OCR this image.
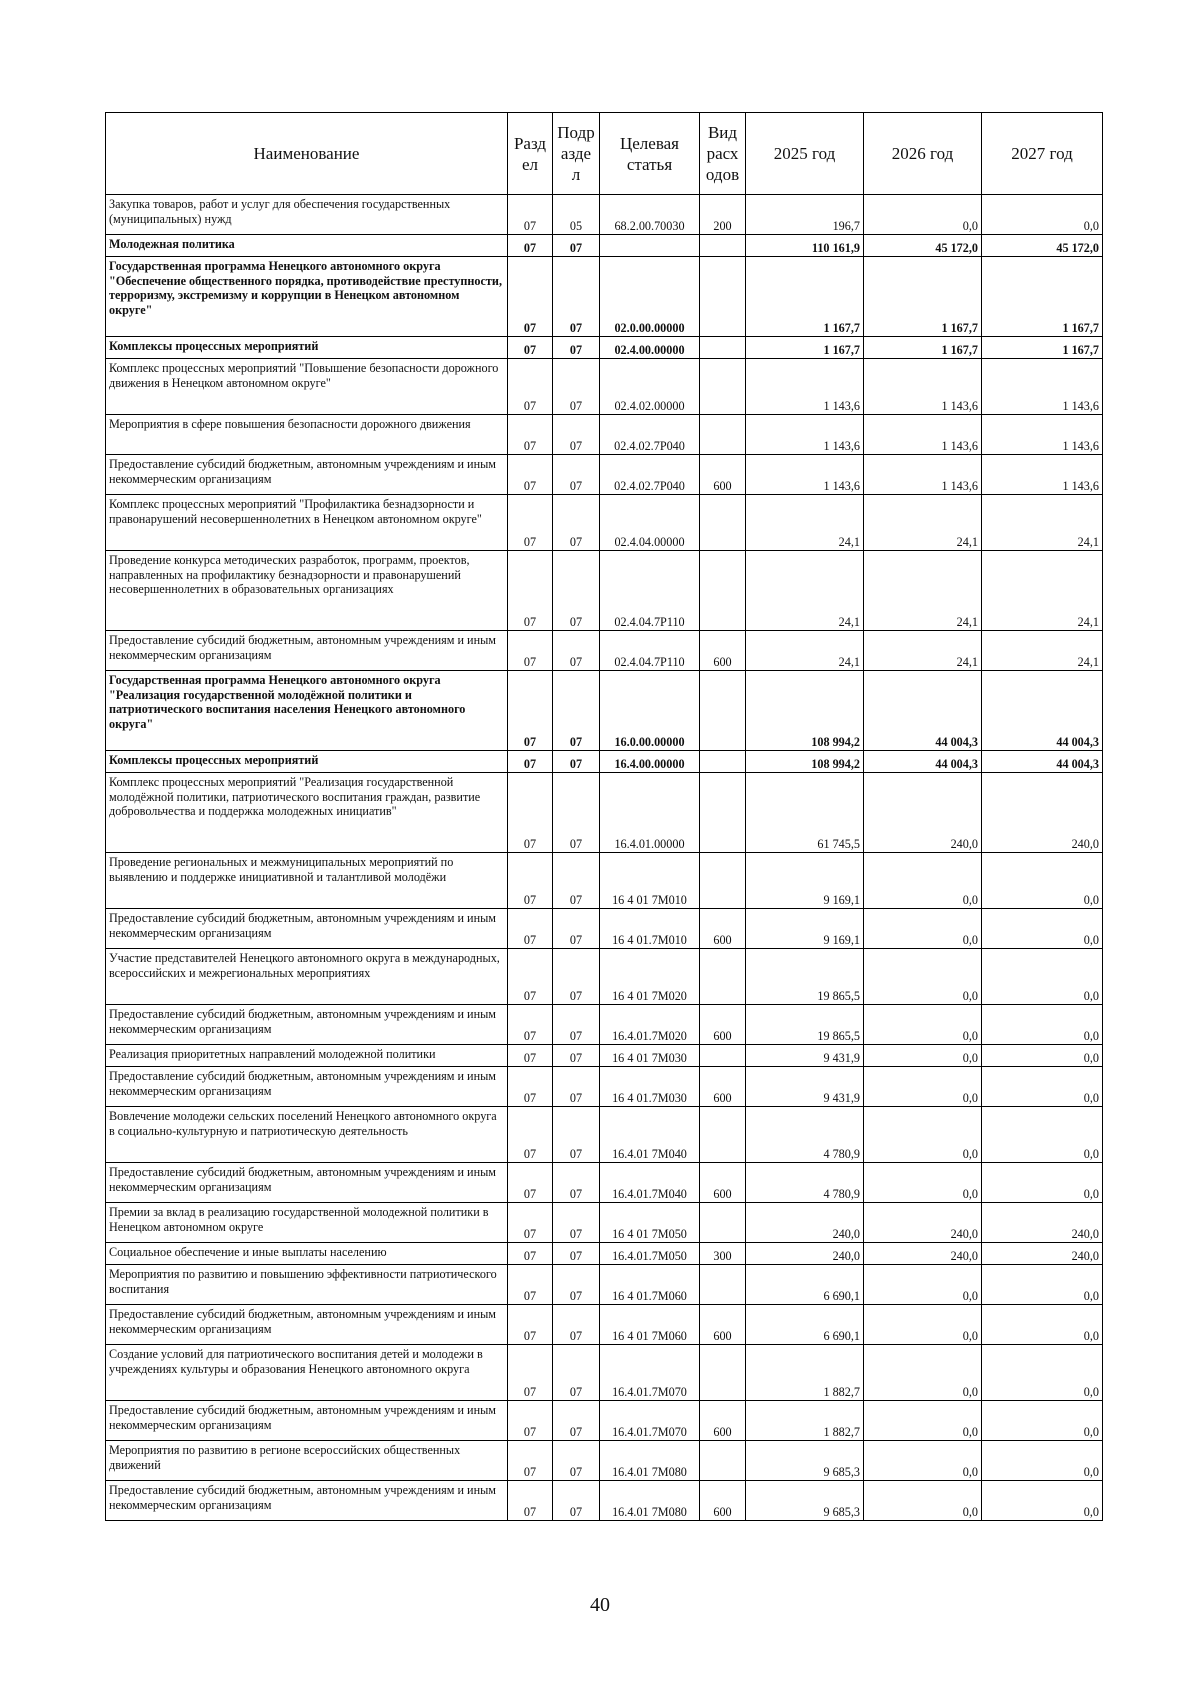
Наименование	Разд ел	Подр азде л	Целевая статья	Вид расх одов	2025 год	2026 год	2027 год
Закупка товаров, работ и услуг для обеспечения государственных (муниципальных) нужд	07	05	68.2.00.70030	200	196,7	0,0	0,0
Молодежная политика	07	07			110 161,9	45 172,0	45 172,0
Государственная программа Ненецкого автономного округа "Обеспечение общественного порядка, противодействие преступности, терроризму, экстремизму и коррупции в Ненецком автономном округе"	07	07	02.0.00.00000		1 167,7	1 167,7	1 167,7
Комплексы процессных мероприятий	07	07	02.4.00.00000		1 167,7	1 167,7	1 167,7
Комплекс процессных мероприятий "Повышение безопасности дорожного движения в Ненецком автономном округе"	07	07	02.4.02.00000		1 143,6	1 143,6	1 143,6
Мероприятия в сфере повышения безопасности дорожного движения	07	07	02.4.02.7Р040		1 143,6	1 143,6	1 143,6
Предоставление субсидий бюджетным, автономным учреждениям и иным некоммерческим организациям	07	07	02.4.02.7Р040	600	1 143,6	1 143,6	1 143,6
Комплекс процессных мероприятий "Профилактика безнадзорности и правонарушений несовершеннолетних в Ненецком автономном округе"	07	07	02.4.04.00000		24,1	24,1	24,1
Проведение конкурса методических разработок, программ, проектов, направленных на профилактику безнадзорности и правонарушений несовершеннолетних в образовательных организациях	07	07	02.4.04.7Р110		24,1	24,1	24,1
Предоставление субсидий бюджетным, автономным учреждениям и иным некоммерческим организациям	07	07	02.4.04.7Р110	600	24,1	24,1	24,1
Государственная программа Ненецкого автономного округа "Реализация государственной молодёжной политики и патриотического воспитания населения Ненецкого автономного округа"	07	07	16.0.00.00000		108 994,2	44 004,3	44 004,3
Комплексы процессных мероприятий	07	07	16.4.00.00000		108 994,2	44 004,3	44 004,3
Комплекс процессных мероприятий "Реализация государственной молодёжной политики, патриотического воспитания граждан, развитие добровольчества и поддержка молодежных инициатив"	07	07	16.4.01.00000		61 745,5	240,0	240,0
Проведение региональных и межмуниципальных мероприятий по выявлению и поддержке инициативной и талантливой молодёжи	07	07	16 4 01 7М010		9 169,1	0,0	0,0
Предоставление субсидий бюджетным, автономным учреждениям и иным некоммерческим организациям	07	07	16 4 01.7М010	600	9 169,1	0,0	0,0
Участие представителей Ненецкого автономного округа в международных, всероссийских и межрегиональных мероприятиях	07	07	16 4 01 7М020		19 865,5	0,0	0,0
Предоставление субсидий бюджетным, автономным учреждениям и иным некоммерческим организациям	07	07	16.4.01.7М020	600	19 865,5	0,0	0,0
Реализация приоритетных направлений молодежной политики	07	07	16 4 01 7М030		9 431,9	0,0	0,0
Предоставление субсидий бюджетным, автономным учреждениям и иным некоммерческим организациям	07	07	16 4 01.7М030	600	9 431,9	0,0	0,0
Вовлечение молодежи сельских поселений Ненецкого автономного округа в социально-культурную и патриотическую деятельность	07	07	16.4.01 7М040		4 780,9	0,0	0,0
Предоставление субсидий бюджетным, автономным учреждениям и иным некоммерческим организациям	07	07	16.4.01.7М040	600	4 780,9	0,0	0,0
Премии за вклад в реализацию государственной молодежной политики в Ненецком автономном округе	07	07	16 4 01 7М050		240,0	240,0	240,0
Социальное обеспечение и иные выплаты населению	07	07	16.4.01.7М050	300	240,0	240,0	240,0
Мероприятия по развитию и повышению эффективности патриотического воспитания	07	07	16 4 01.7М060		6 690,1	0,0	0,0
Предоставление субсидий бюджетным, автономным учреждениям и иным некоммерческим организациям	07	07	16 4 01 7М060	600	6 690,1	0,0	0,0
Создание условий для патриотического воспитания детей и молодежи в учреждениях культуры и образования Ненецкого автономного округа	07	07	16.4.01.7М070		1 882,7	0,0	0,0
Предоставление субсидий бюджетным, автономным учреждениям и иным некоммерческим организациям	07	07	16.4.01.7М070	600	1 882,7	0,0	0,0
Мероприятия по развитию в регионе всероссийских общественных движений	07	07	16.4.01 7М080		9 685,3	0,0	0,0
Предоставление субсидий бюджетным, автономным учреждениям и иным некоммерческим организациям	07	07	16.4.01 7М080	600	9 685,3	0,0	0,0
40
